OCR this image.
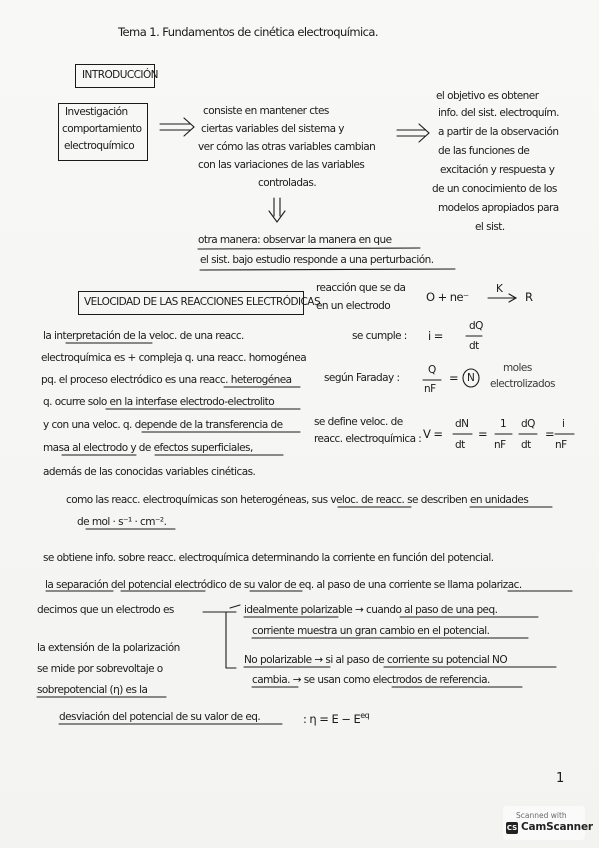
Tema 1. Fundamentos de cinética electroquímica.
INTRODUCCIÓN
Investigación
comportamiento
electroquímico
consiste en mantener ctes
ciertas variables del sistema y
ver cómo las otras variables cambian
con las variaciones de las variables
controladas.
el objetivo es obtener
info. del sist. electroquím.
a partir de la observación
de las funciones de
excitación y respuesta y
de un conocimiento de los
modelos apropiados para
el sist.
otra manera: observar la manera en que
el sist. bajo estudio responde a una perturbación.
VELOCIDAD DE LAS REACCIONES ELECTRÓDICAS
reacción que se da
en un electrodo
O + ne⁻
K
R
la interpretación de la veloc. de una reacc.
electroquímica es + compleja q. una reacc. homogénea
pq. el proceso electródico es una reacc. heterogénea
q. ocurre solo en la interfase electrodo-electrolito
y con una veloc. q. depende de la transferencia de
masa al electrodo y de efectos superficiales,
además de las conocidas variables cinéticas.
se cumple : i =
dQ
dt
según Faraday :
Q
nF
= N
moles
electrolizados
se define veloc. de
reacc. electroquímica : V =
dN
dt
=
1
nF
dQ
dt
=
i
nF
como las reacc. electroquímicas son heterogéneas, sus veloc. de reacc. se describen en unidades
de mol · s⁻¹ · cm⁻².
se obtiene info. sobre reacc. electroquímica determinando la corriente en función del potencial.
la separación del potencial electródico de su valor de eq. al paso de una corriente se llama polarizac.
decimos que un electrodo es	idealmente polarizable → cuando al paso de una peq.
corriente muestra un gran cambio en el potencial.
No polarizable → si al paso de corriente su potencial NO
cambia. → se usan como electrodos de referencia.
la extensión de la polarización
se mide por sobrevoltaje o
sobrepotencial (η) es la
desviación del potencial de su valor de eq.	: $\eta = E - E^{eq}$
1
Scanned with
CS CamScanner
